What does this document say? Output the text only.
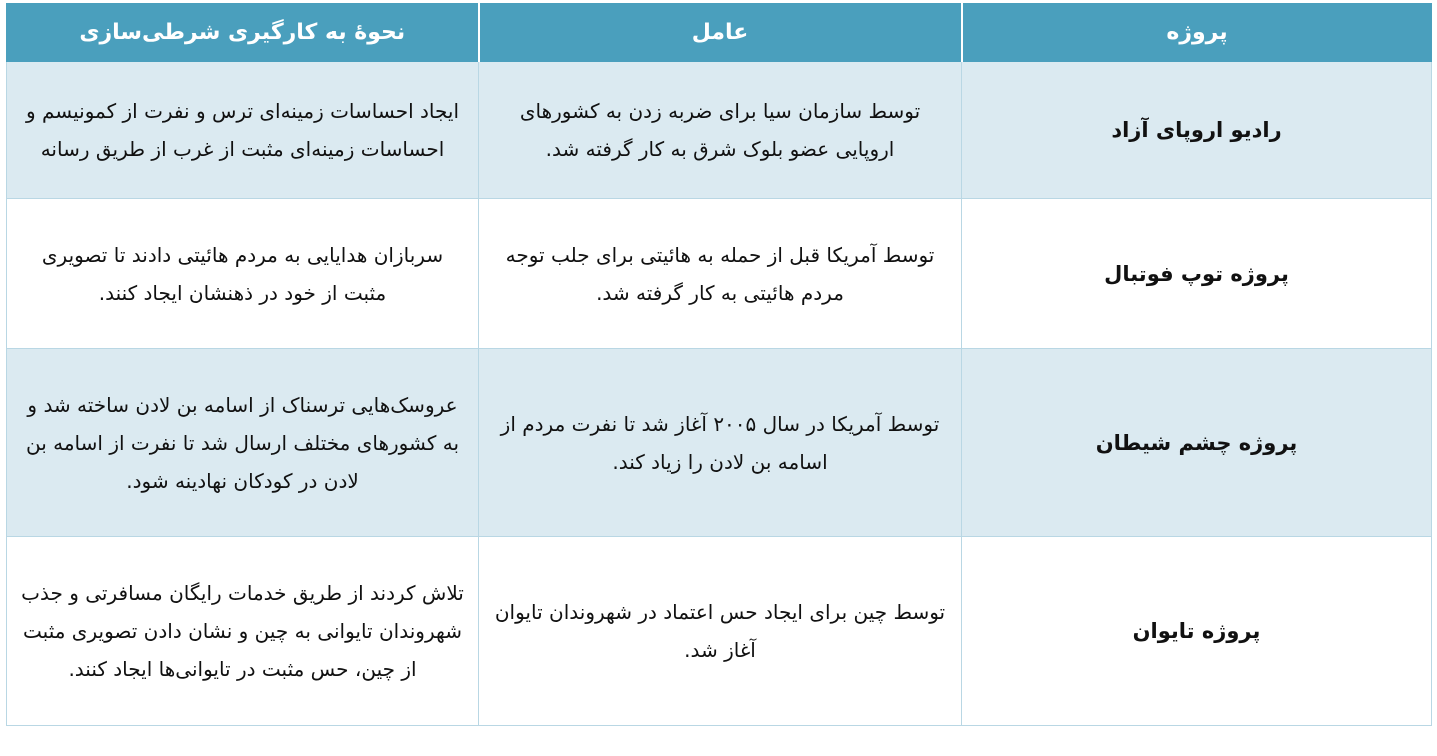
پروژه	عامل	نحوۀ به کارگیری شرطی‌سازی
رادیو اروپای آزاد	توسط سازمان سیا برای ضربه زدن به کشورهای اروپایی عضو بلوک شرق به کار گرفته شد.	ایجاد احساسات زمینه‌ای ترس و نفرت از کمونیسم و احساسات زمینه‌ای مثبت از غرب از طریق رسانه

پروژه توپ فوتبال	توسط آمریکا قبل از حمله به هائیتی برای جلب توجه مردم هائیتی به کار گرفته شد.	سربازان هدایایی به مردم هائیتی دادند تا تصویری مثبت از خود در ذهنشان ایجاد کنند.

پروژه چشم شیطان	توسط آمریکا در سال ۲۰۰۵ آغاز شد تا نفرت مردم از اسامه بن لادن را زیاد کند.	عروسک‌هایی ترسناک از اسامه بن لادن ساخته شد و به کشورهای مختلف ارسال شد تا نفرت از اسامه بن لادن در کودکان نهادینه شود.

پروژه تایوان	توسط چین برای ایجاد حس اعتماد در شهروندان تایوان آغاز شد.	تلاش کردند از طریق خدمات رایگان مسافرتی و جذب شهروندان تایوانی به چین و نشان دادن تصویری مثبت از چین، حس مثبت در تایوانی‌ها ایجاد کنند.
